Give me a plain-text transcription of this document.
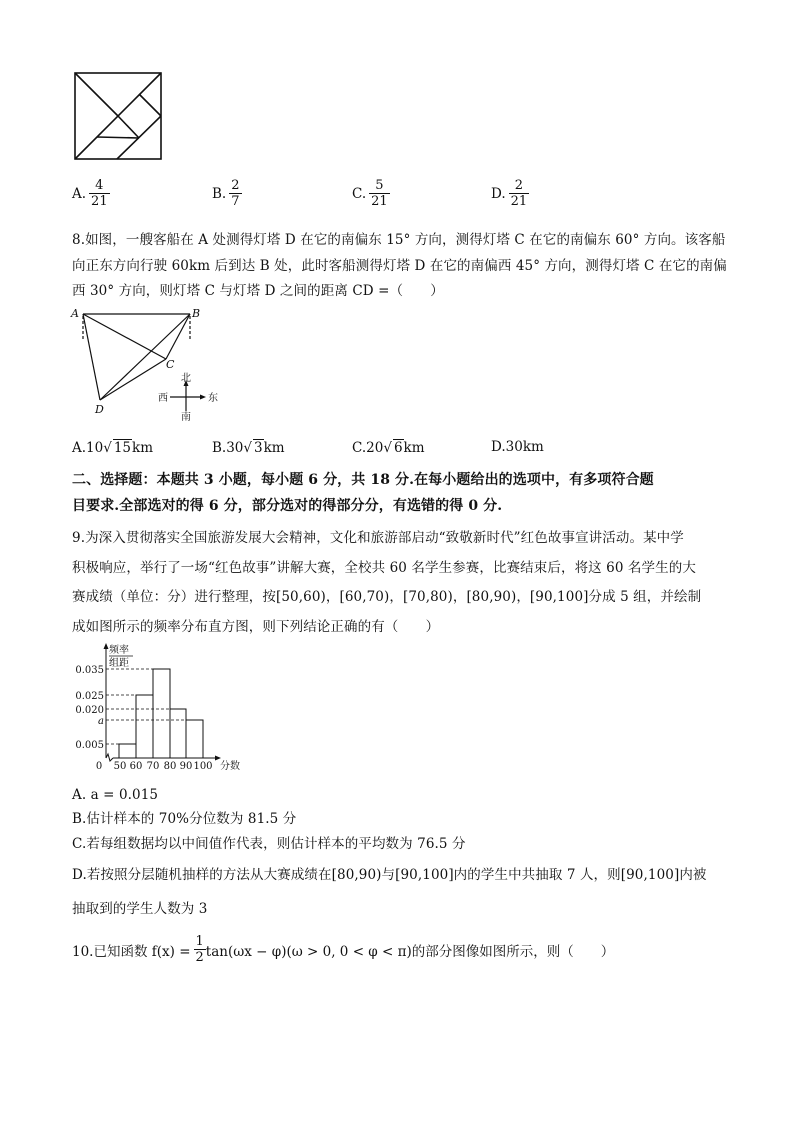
A. $\frac{4}{21}$	B. $\frac{2}{7}$	C. $\frac{5}{21}$	D. $\frac{2}{21}$
8.如图，一艘客船在 A 处测得灯塔 D 在它的南偏东 15° 方向，测得灯塔 C 在它的南偏东 60° 方向。该客船
向正东方向行驶 60km 后到达 B 处，此时客船测得灯塔 D 在它的南偏西 45° 方向，测得灯塔 C 在它的南偏
西 30° 方向，则灯塔 C 与灯塔 D 之间的距离 CD =（　　）
A	B
C
D
北
西	东
南
A. 10 √ 15 km	B. 30 √ 3 km	C. 20 √ 6 km	D. 30 km
二、选择题：本题共 3 小题，每小题 6 分，共 18 分.在每小题给出的选项中，有多项符合题
目要求.全部选对的得 6 分，部分选对的得部分分，有选错的得 0 分.
9.为深入贯彻落实全国旅游发展大会精神，文化和旅游部启动“致敬新时代”红色故事宣讲活动。某中学
积极响应，举行了一场“红色故事”讲解大赛，全校共 60 名学生参赛，比赛结束后，将这 60 名学生的大
赛成绩（单位：分）进行整理，按[50,60)，[60,70)，[70,80)，[80,90)，[90,100]分成 5 组，并绘制
成如图所示的频率分布直方图，则下列结论正确的有（　　）
频率
组距
0.035
0.025
0.020
a
0.005
0 50 60 70 80 90 100 分数
A. a = 0.015
B.估计样本的 70%分位数为 81.5 分
C.若每组数据均以中间值作代表，则估计样本的平均数为 76.5 分
D.若按照分层随机抽样的方法从大赛成绩在[80,90)与[90,100]内的学生中共抽取 7 人，则[90,100]内被
抽取到的学生人数为 3
10.已知函数 $f(x) = \frac{1}{2} \tan(\omega x - \varphi)(\omega > 0$, 0 < φ < π)的部分图像如图所示，则（　　）
